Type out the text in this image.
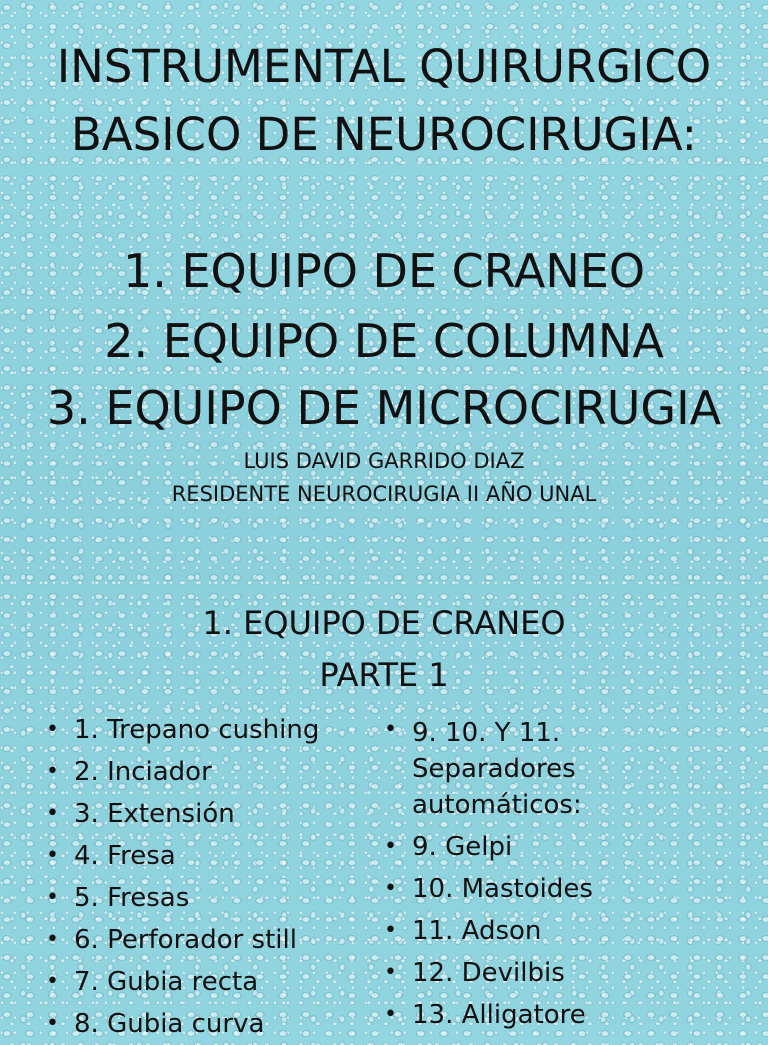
INSTRUMENTAL QUIRURGICO
BASICO DE NEUROCIRUGIA:
1. EQUIPO DE CRANEO
2. EQUIPO DE COLUMNA
3. EQUIPO DE MICROCIRUGIA
LUIS DAVID GARRIDO DIAZ
RESIDENTE NEUROCIRUGIA II AÑO UNAL
1. EQUIPO DE CRANEO
PARTE 1
• 1. Trepano cushing
• 2. Inciador
• 3. Extensión
• 4. Fresa
• 5. Fresas
• 6. Perforador still
• 7. Gubia recta
• 8. Gubia curva
• 9. 10. Y 11. Separadores automáticos:
• 9. Gelpi
• 10. Mastoides
• 11. Adson
• 12. Devilbis
• 13. Alligatore
